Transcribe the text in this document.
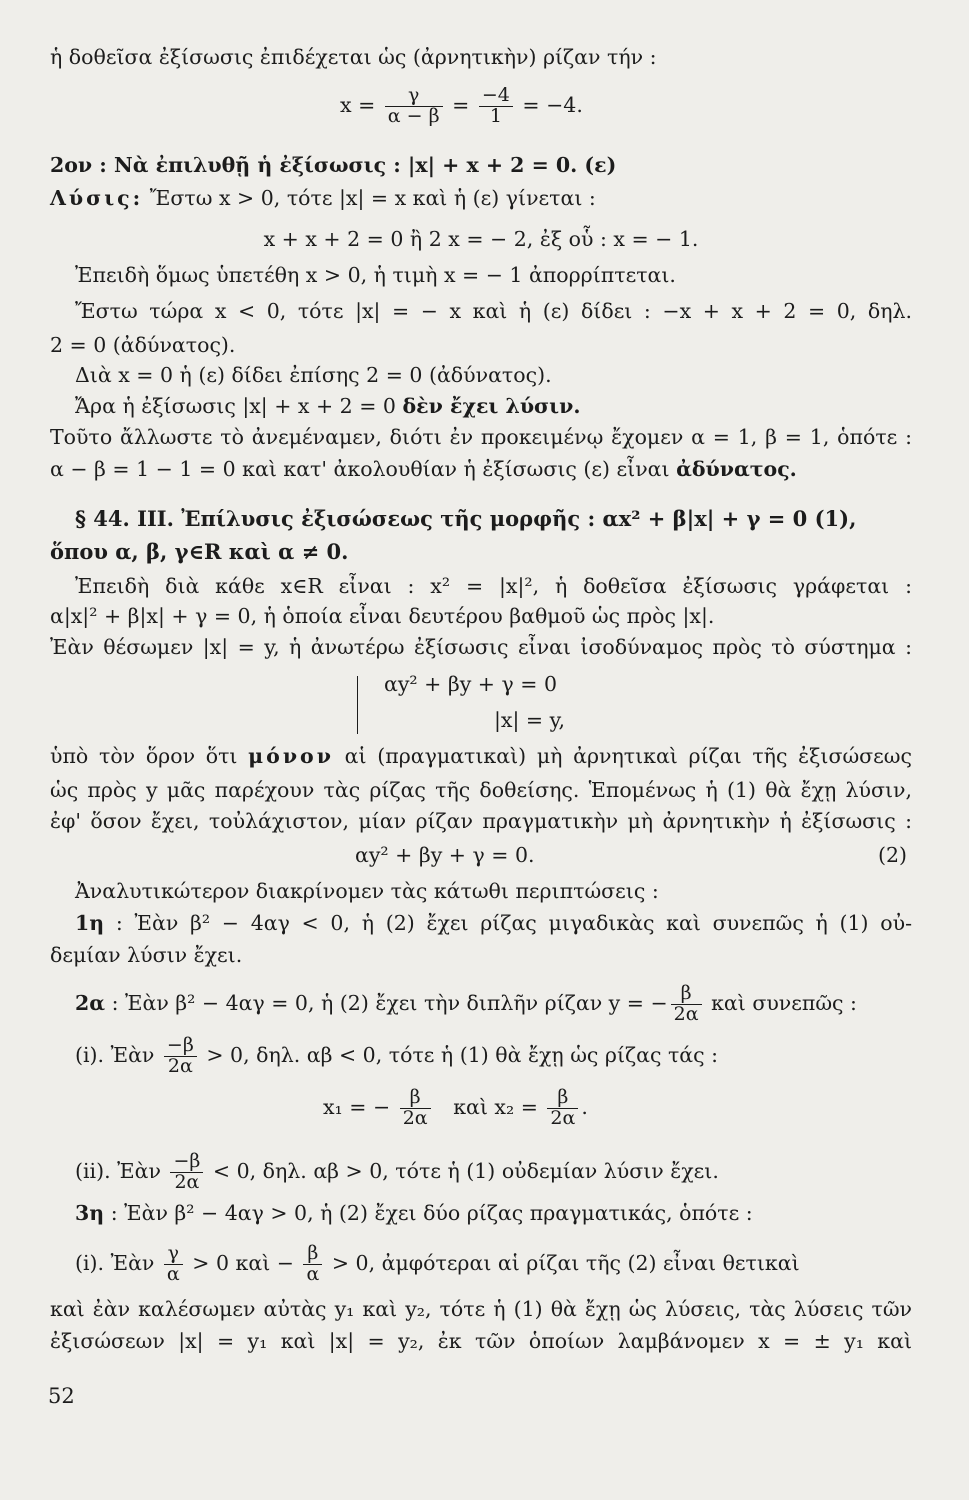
ἡ δοθεῖσα ἐξίσωσις ἐπιδέχεται ὡς (ἀρνητικὴν) ρίζαν τήν :
$x = \frac{\gamma}{\alpha - \beta} = \frac{-4}{1} = -4$.
2ον : Νὰ ἐπιλυθῇ ἡ ἐξίσωσις : |x| + x + 2 = 0. (ε)
Λύσις: Ἔστω x > 0, τότε |x| = x καὶ ἡ (ε) γίνεται :
x + x + 2 = 0 ἢ 2 x = − 2, ἐξ οὗ : x = − 1.
Ἐπειδὴ ὅμως ὑπετέθη x > 0, ἡ τιμὴ x = − 1 ἀπορρίπτεται.
Ἔστω τώρα x < 0, τότε |x| = − x καὶ ἡ (ε) δίδει : −x + x + 2 = 0, δηλ.
2 = 0 (ἀδύνατος).
Διὰ x = 0 ἡ (ε) δίδει ἐπίσης 2 = 0 (ἀδύνατος).
Ἄρα ἡ ἐξίσωσις |x| + x + 2 = 0 δὲν ἔχει λύσιν.
Τοῦτο ἄλλωστε τὸ ἀνεμέναμεν, διότι ἐν προκειμένῳ ἔχομεν α = 1, β = 1, ὁπότε :
α − β = 1 − 1 = 0 καὶ κατ' ἀκολουθίαν ἡ ἐξίσωσις (ε) εἶναι ἀδύνατος.
§ 44. III. Ἐπίλυσις ἐξισώσεως τῆς μορφῆς : αx² + β|x| + γ = 0 (1),
ὅπου α, β, γ∈R καὶ α ≠ 0.
Ἐπειδὴ διὰ κάθε x∈R εἶναι : x² = |x|², ἡ δοθεῖσα ἐξίσωσις γράφεται :
α|x|² + β|x| + γ = 0, ἡ ὁποία εἶναι δευτέρου βαθμοῦ ὡς πρὸς |x|.
Ἐὰν θέσωμεν |x| = y, ἡ ἀνωτέρω ἐξίσωσις εἶναι ἰσοδύναμος πρὸς τὸ σύστημα :
αy² + βy + γ = 0
|x| = y,
ὑπὸ τὸν ὅρον ὅτι μόνον αἱ (πραγματικαὶ) μὴ ἀρνητικαὶ ρίζαι τῆς ἐξισώσεως
ὡς πρὸς y μᾶς παρέχουν τὰς ρίζας τῆς δοθείσης. Ἑπομένως ἡ (1) θὰ ἔχῃ λύσιν,
ἐφ' ὅσον ἔχει, τοὐλάχιστον, μίαν ρίζαν πραγματικὴν μὴ ἀρνητικὴν ἡ ἐξίσωσις :
αy² + βy + γ = 0.	(2)
Ἀναλυτικώτερον διακρίνομεν τὰς κάτωθι περιπτώσεις :
1η : Ἐὰν β² − 4αγ < 0, ἡ (2) ἔχει ρίζας μιγαδικὰς καὶ συνεπῶς ἡ (1) οὐ-
δεμίαν λύσιν ἔχει.
2α : Ἐὰν β² − 4αγ = 0, ἡ (2) ἔχει τὴν διπλῆν ρίζαν y = − $\frac{\beta}{2\alpha}$ καὶ συνεπῶς :
(i). Ἐὰν $\frac{-\beta}{2\alpha} > 0$, δηλ. αβ < 0, τότε ἡ (1) θὰ ἔχῃ ὡς ρίζας τάς :
x₁ = − $\frac{\beta}{2\alpha}$ καὶ $x_2 = \frac{\beta}{2\alpha}$ .
(ii). Ἐὰν $\frac{-\beta}{2\alpha} < 0$, δηλ. αβ > 0, τότε ἡ (1) οὐδεμίαν λύσιν ἔχει.
3η : Ἐὰν β² − 4αγ > 0, ἡ (2) ἔχει δύο ρίζας πραγματικάς, ὁπότε :
(i). Ἐὰν $\frac{\gamma}{\alpha} > 0$ καὶ − $\frac{\beta}{\alpha} > 0$, ἀμφότεραι αἱ ρίζαι τῆς (2) εἶναι θετικαὶ
καὶ ἐὰν καλέσωμεν αὐτὰς y₁ καὶ y₂, τότε ἡ (1) θὰ ἔχῃ ὡς λύσεις, τὰς λύσεις τῶν
ἐξισώσεων |x| = y₁ καὶ |x| = y₂, ἐκ τῶν ὁποίων λαμβάνομεν x = ± y₁ καὶ
52
